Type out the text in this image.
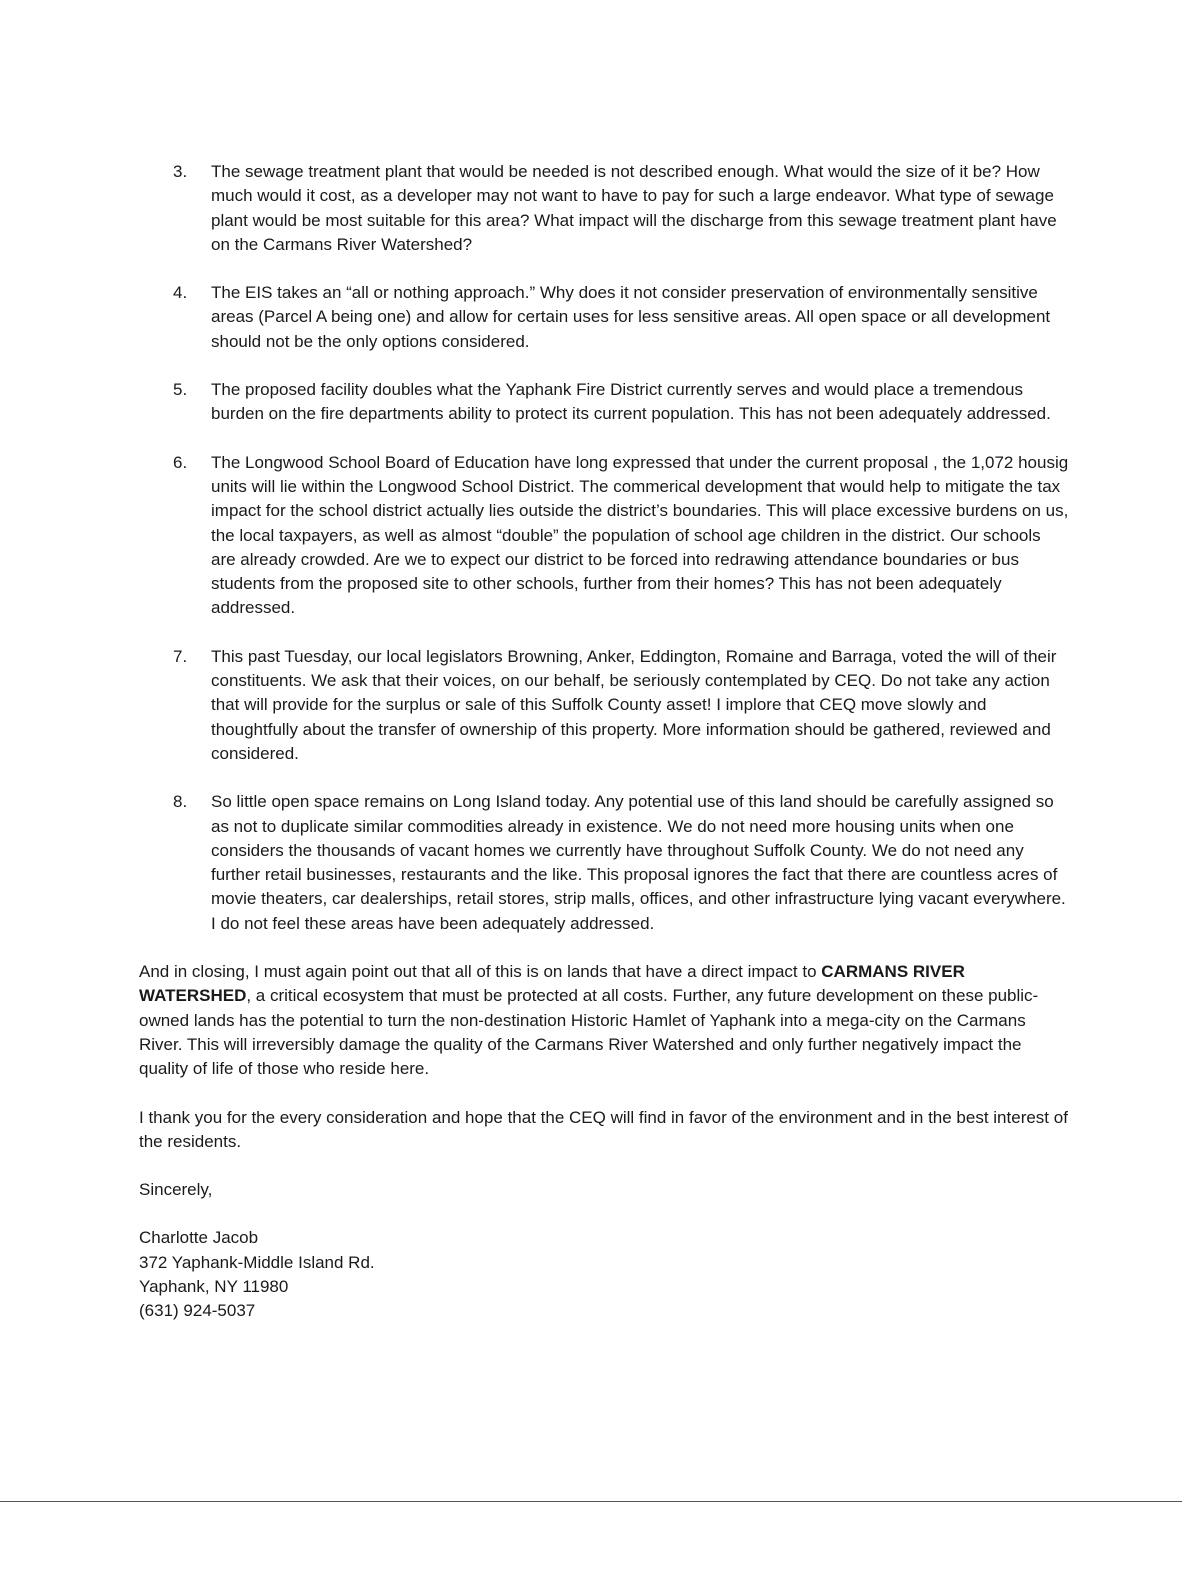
3. The sewage treatment plant that would be needed is not described enough. What would the size of it be? How much would it cost, as a developer may not want to have to pay for such a large endeavor. What type of sewage plant would be most suitable for this area? What impact will the discharge from this sewage treatment plant have on the Carmans River Watershed?
4. The EIS takes an “all or nothing approach.” Why does it not consider preservation of environmentally sensitive areas (Parcel A being one) and allow for certain uses for less sensitive areas. All open space or all development should not be the only options considered.
5. The proposed facility doubles what the Yaphank Fire District currently serves and would place a tremendous burden on the fire departments ability to protect its current population. This has not been adequately addressed.
6. The Longwood School Board of Education have long expressed that under the current proposal , the 1,072 housig units will lie within the Longwood School District. The commerical development that would help to mitigate the tax impact for the school district actually lies outside the district’s boundaries. This will place excessive burdens on us, the local taxpayers, as well as almost “double” the population of school age children in the district. Our schools are already crowded. Are we to expect our district to be forced into redrawing attendance boundaries or bus students from the proposed site to other schools, further from their homes? This has not been adequately addressed.
7. This past Tuesday, our local legislators Browning, Anker, Eddington, Romaine and Barraga, voted the will of their constituents. We ask that their voices, on our behalf, be seriously contemplated by CEQ. Do not take any action that will provide for the surplus or sale of this Suffolk County asset! I implore that CEQ move slowly and thoughtfully about the transfer of ownership of this property. More information should be gathered, reviewed and considered.
8. So little open space remains on Long Island today. Any potential use of this land should be carefully assigned so as not to duplicate similar commodities already in existence. We do not need more housing units when one considers the thousands of vacant homes we currently have throughout Suffolk County. We do not need any further retail businesses, restaurants and the like. This proposal ignores the fact that there are countless acres of movie theaters, car dealerships, retail stores, strip malls, offices, and other infrastructure lying vacant everywhere. I do not feel these areas have been adequately addressed.

And in closing, I must again point out that all of this is on lands that have a direct impact to CARMANS RIVER WATERSHED, a critical ecosystem that must be protected at all costs. Further, any future development on these public-owned lands has the potential to turn the non-destination Historic Hamlet of Yaphank into a mega-city on the Carmans River. This will irreversibly damage the quality of the Carmans River Watershed and only further negatively impact the quality of life of those who reside here.

I thank you for the every consideration and hope that the CEQ will find in favor of the environment and in the best interest of the residents.

Sincerely,

Charlotte Jacob
372 Yaphank-Middle Island Rd.
Yaphank, NY 11980
(631) 924-5037
